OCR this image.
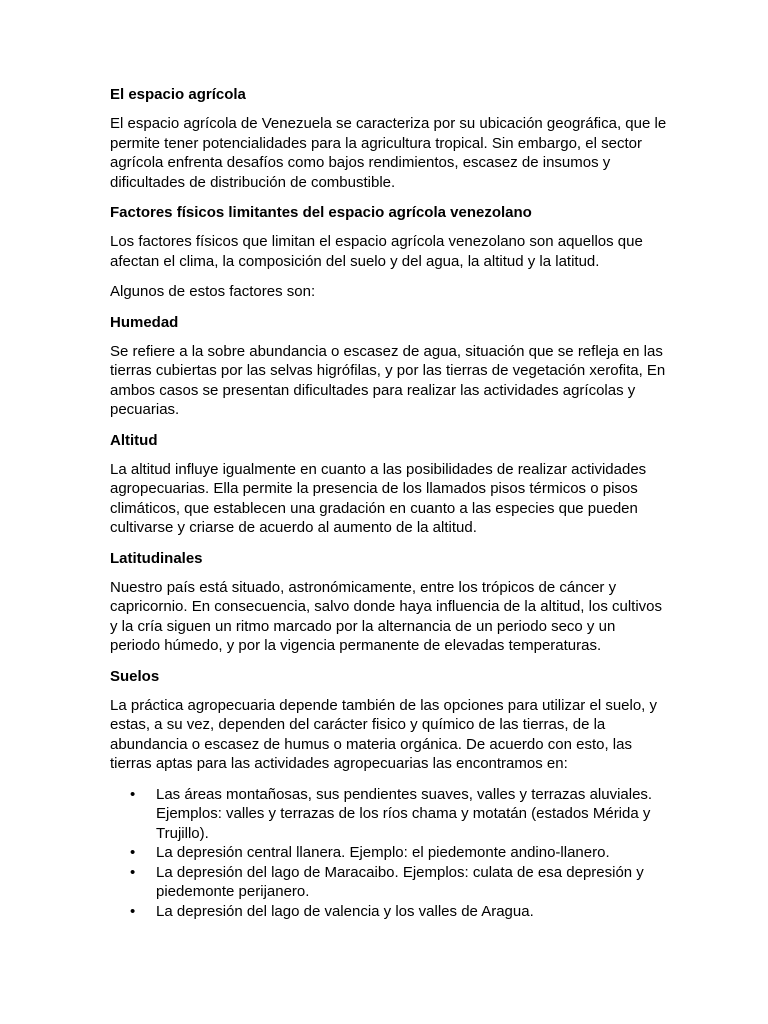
El espacio agrícola

El espacio agrícola de Venezuela se caracteriza por su ubicación geográfica, que le permite tener potencialidades para la agricultura tropical. Sin embargo, el sector agrícola enfrenta desafíos como bajos rendimientos, escasez de insumos y dificultades de distribución de combustible.

Factores físicos limitantes del espacio agrícola venezolano

Los factores físicos que limitan el espacio agrícola venezolano son aquellos que afectan el clima, la composición del suelo y del agua, la altitud y la latitud.

Algunos de estos factores son:

Humedad

Se refiere a la sobre abundancia o escasez de agua, situación que se refleja en las tierras cubiertas por las selvas higrófilas, y por las tierras de vegetación xerofita, En ambos casos se presentan dificultades para realizar las actividades agrícolas y pecuarias.

Altitud

La altitud influye igualmente en cuanto a las posibilidades de realizar actividades agropecuarias. Ella permite la presencia de los llamados pisos térmicos o pisos climáticos, que establecen una gradación en cuanto a las especies que pueden cultivarse y criarse de acuerdo al aumento de la altitud.

Latitudinales

Nuestro país está situado, astronómicamente, entre los trópicos de cáncer y capricornio. En consecuencia, salvo donde haya influencia de la altitud, los cultivos y la cría siguen un ritmo marcado por la alternancia de un periodo seco y un periodo húmedo, y por la vigencia permanente de elevadas temperaturas.

Suelos

La práctica agropecuaria depende también de las opciones para utilizar el suelo, y estas, a su vez, dependen del carácter fisico y químico de las tierras, de la abundancia o escasez de humus o materia orgánica. De acuerdo con esto, las tierras aptas para las actividades agropecuarias las encontramos en:

• Las áreas montañosas, sus pendientes suaves, valles y terrazas aluviales. Ejemplos: valles y terrazas de los ríos chama y motatán (estados Mérida y Trujillo).
• La depresión central llanera. Ejemplo: el piedemonte andino-llanero.
• La depresión del lago de Maracaibo. Ejemplos: culata de esa depresión y piedemonte perijanero.
• La depresión del lago de valencia y los valles de Aragua.
